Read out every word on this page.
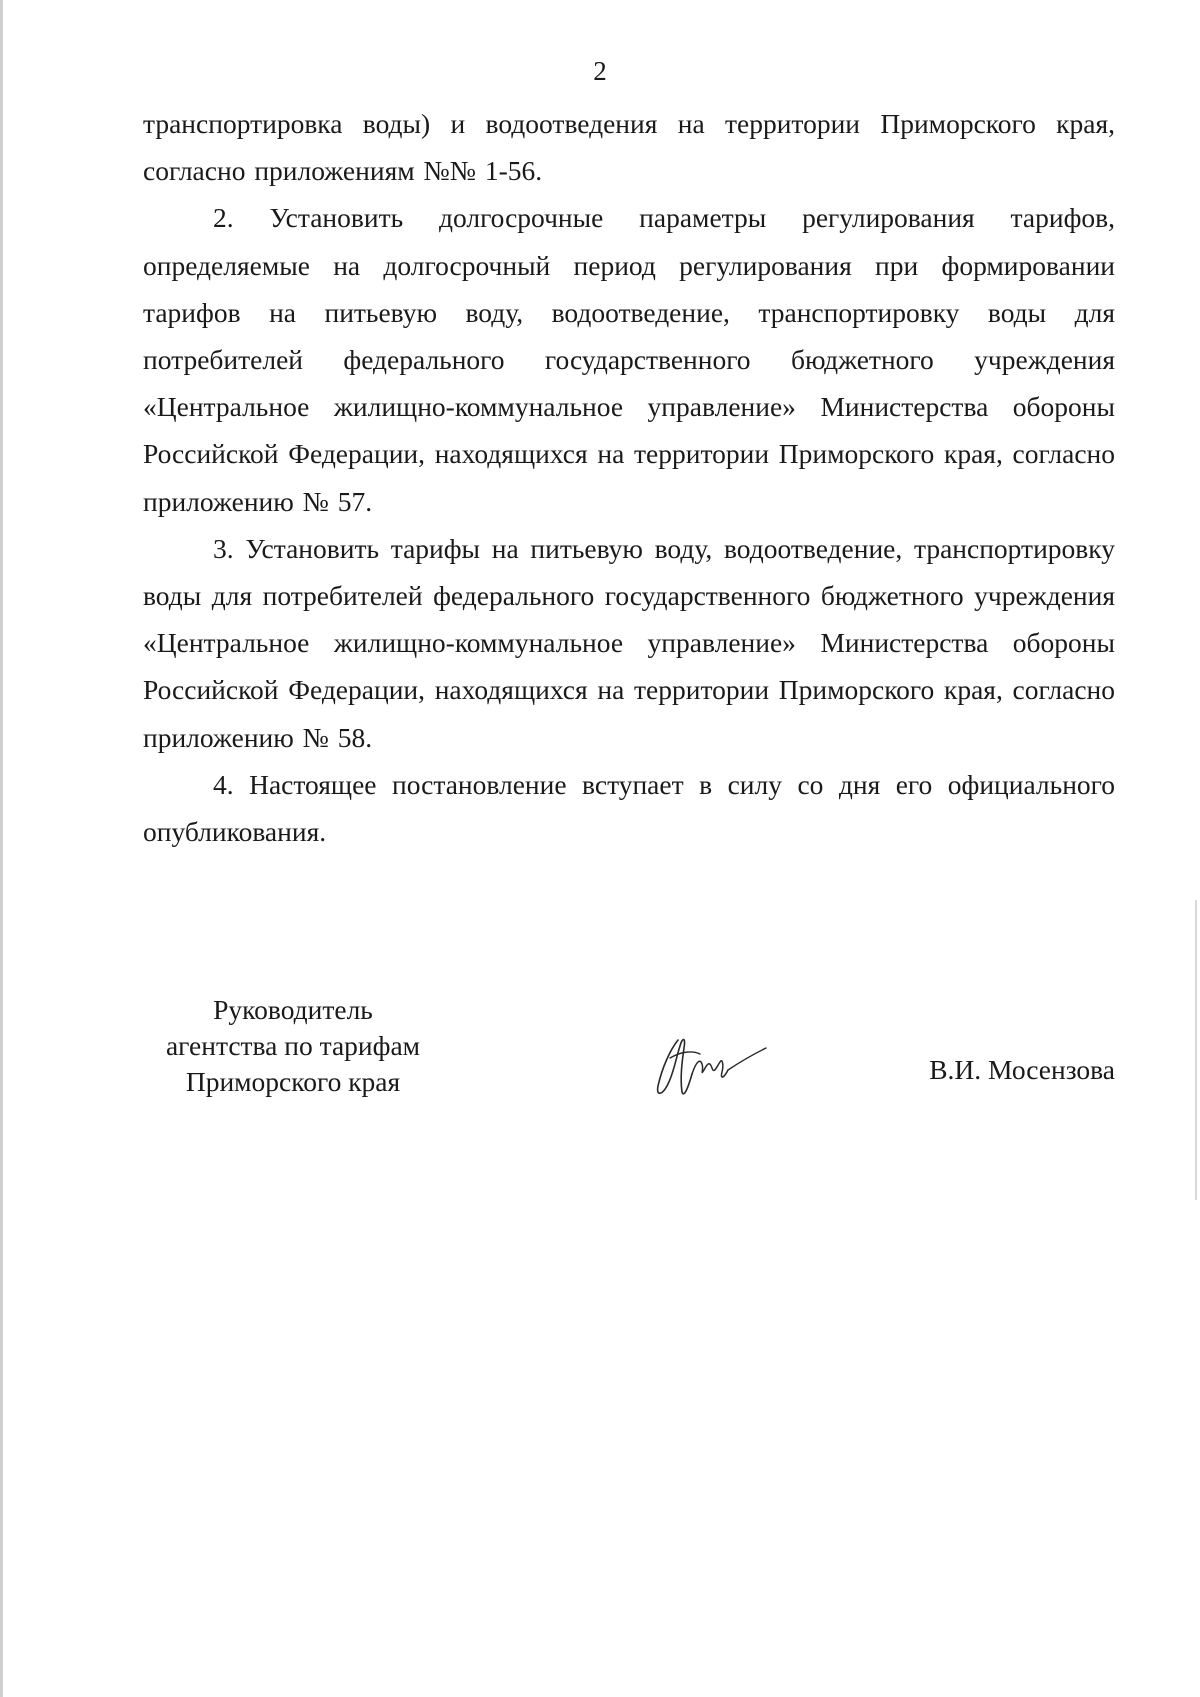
2

транспортировка воды) и водоотведения на территории Приморского края, согласно приложениям №№ 1-56.

2. Установить долгосрочные параметры регулирования тарифов, определяемые на долгосрочный период регулирования при формировании тарифов на питьевую воду, водоотведение, транспортировку воды для потребителей федерального государственного бюджетного учреждения «Центральное жилищно-коммунальное управление» Министерства обороны Российской Федерации, находящихся на территории Приморского края, согласно приложению № 57.

3. Установить тарифы на питьевую воду, водоотведение, транспортировку воды для потребителей федерального государственного бюджетного учреждения «Центральное жилищно-коммунальное управление» Министерства обороны Российской Федерации, находящихся на территории Приморского края, согласно приложению № 58.

4. Настоящее постановление вступает в силу со дня его официального опубликования.

Руководитель
агентства по тарифам
Приморского края	В.И. Мосензова
